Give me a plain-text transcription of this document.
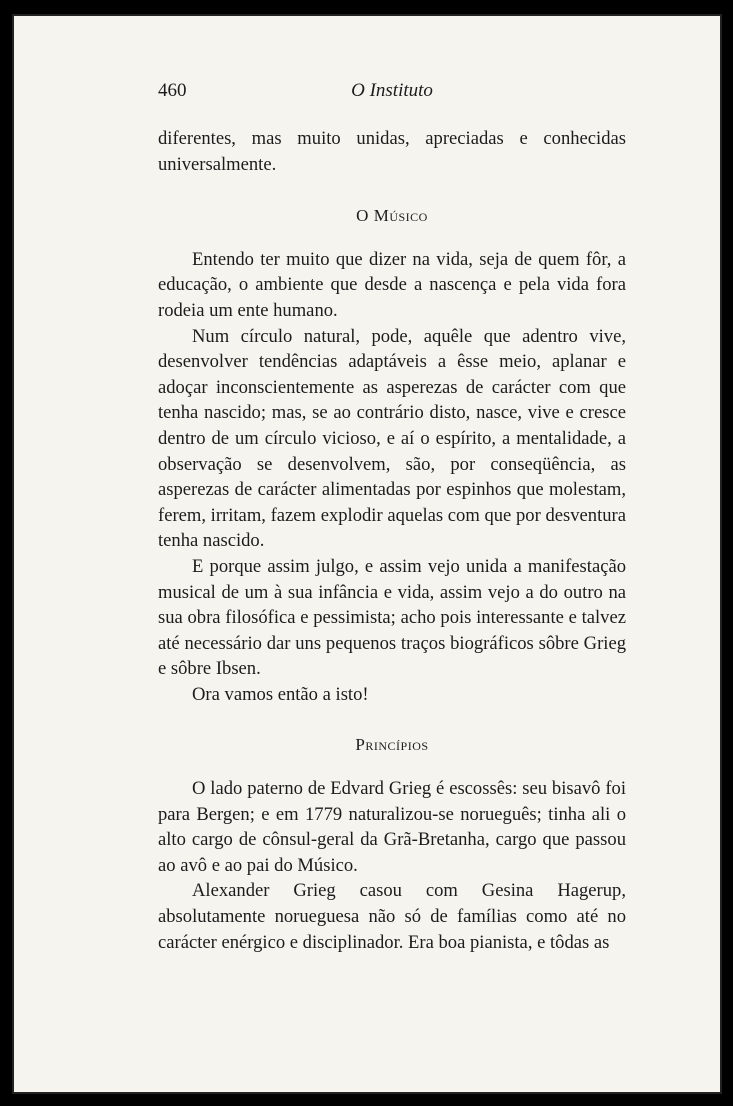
460	O Instituto

diferentes, mas muito unidas, apreciadas e conhecidas universalmente.

O Músico

Entendo ter muito que dizer na vida, seja de quem fôr, a educação, o ambiente que desde a nascença e pela vida fora rodeia um ente humano.

Num círculo natural, pode, aquêle que adentro vive, desenvolver tendências adaptáveis a êsse meio, aplanar e adoçar inconscientemente as asperezas de carácter com que tenha nascido; mas, se ao contrário disto, nasce, vive e cresce dentro de um círculo vicioso, e aí o espírito, a mentalidade, a observação se desenvolvem, são, por conseqüência, as asperezas de carácter alimentadas por espinhos que molestam, ferem, irritam, fazem explodir aquelas com que por desventura tenha nascido.

E porque assim julgo, e assim vejo unida a manifestação musical de um à sua infância e vida, assim vejo a do outro na sua obra filosófica e pessimista; acho pois interessante e talvez até necessário dar uns pequenos traços biográficos sôbre Grieg e sôbre Ibsen.

Ora vamos então a isto!

Princípios

O lado paterno de Edvard Grieg é escossês: seu bisavô foi para Bergen; e em 1779 naturalizou-se norueguês; tinha ali o alto cargo de cônsul-geral da Grã-Bretanha, cargo que passou ao avô e ao pai do Músico.

Alexander Grieg casou com Gesina Hagerup, absolutamente norueguesa não só de famílias como até no carácter enérgico e disciplinador. Era boa pianista, e tôdas as
